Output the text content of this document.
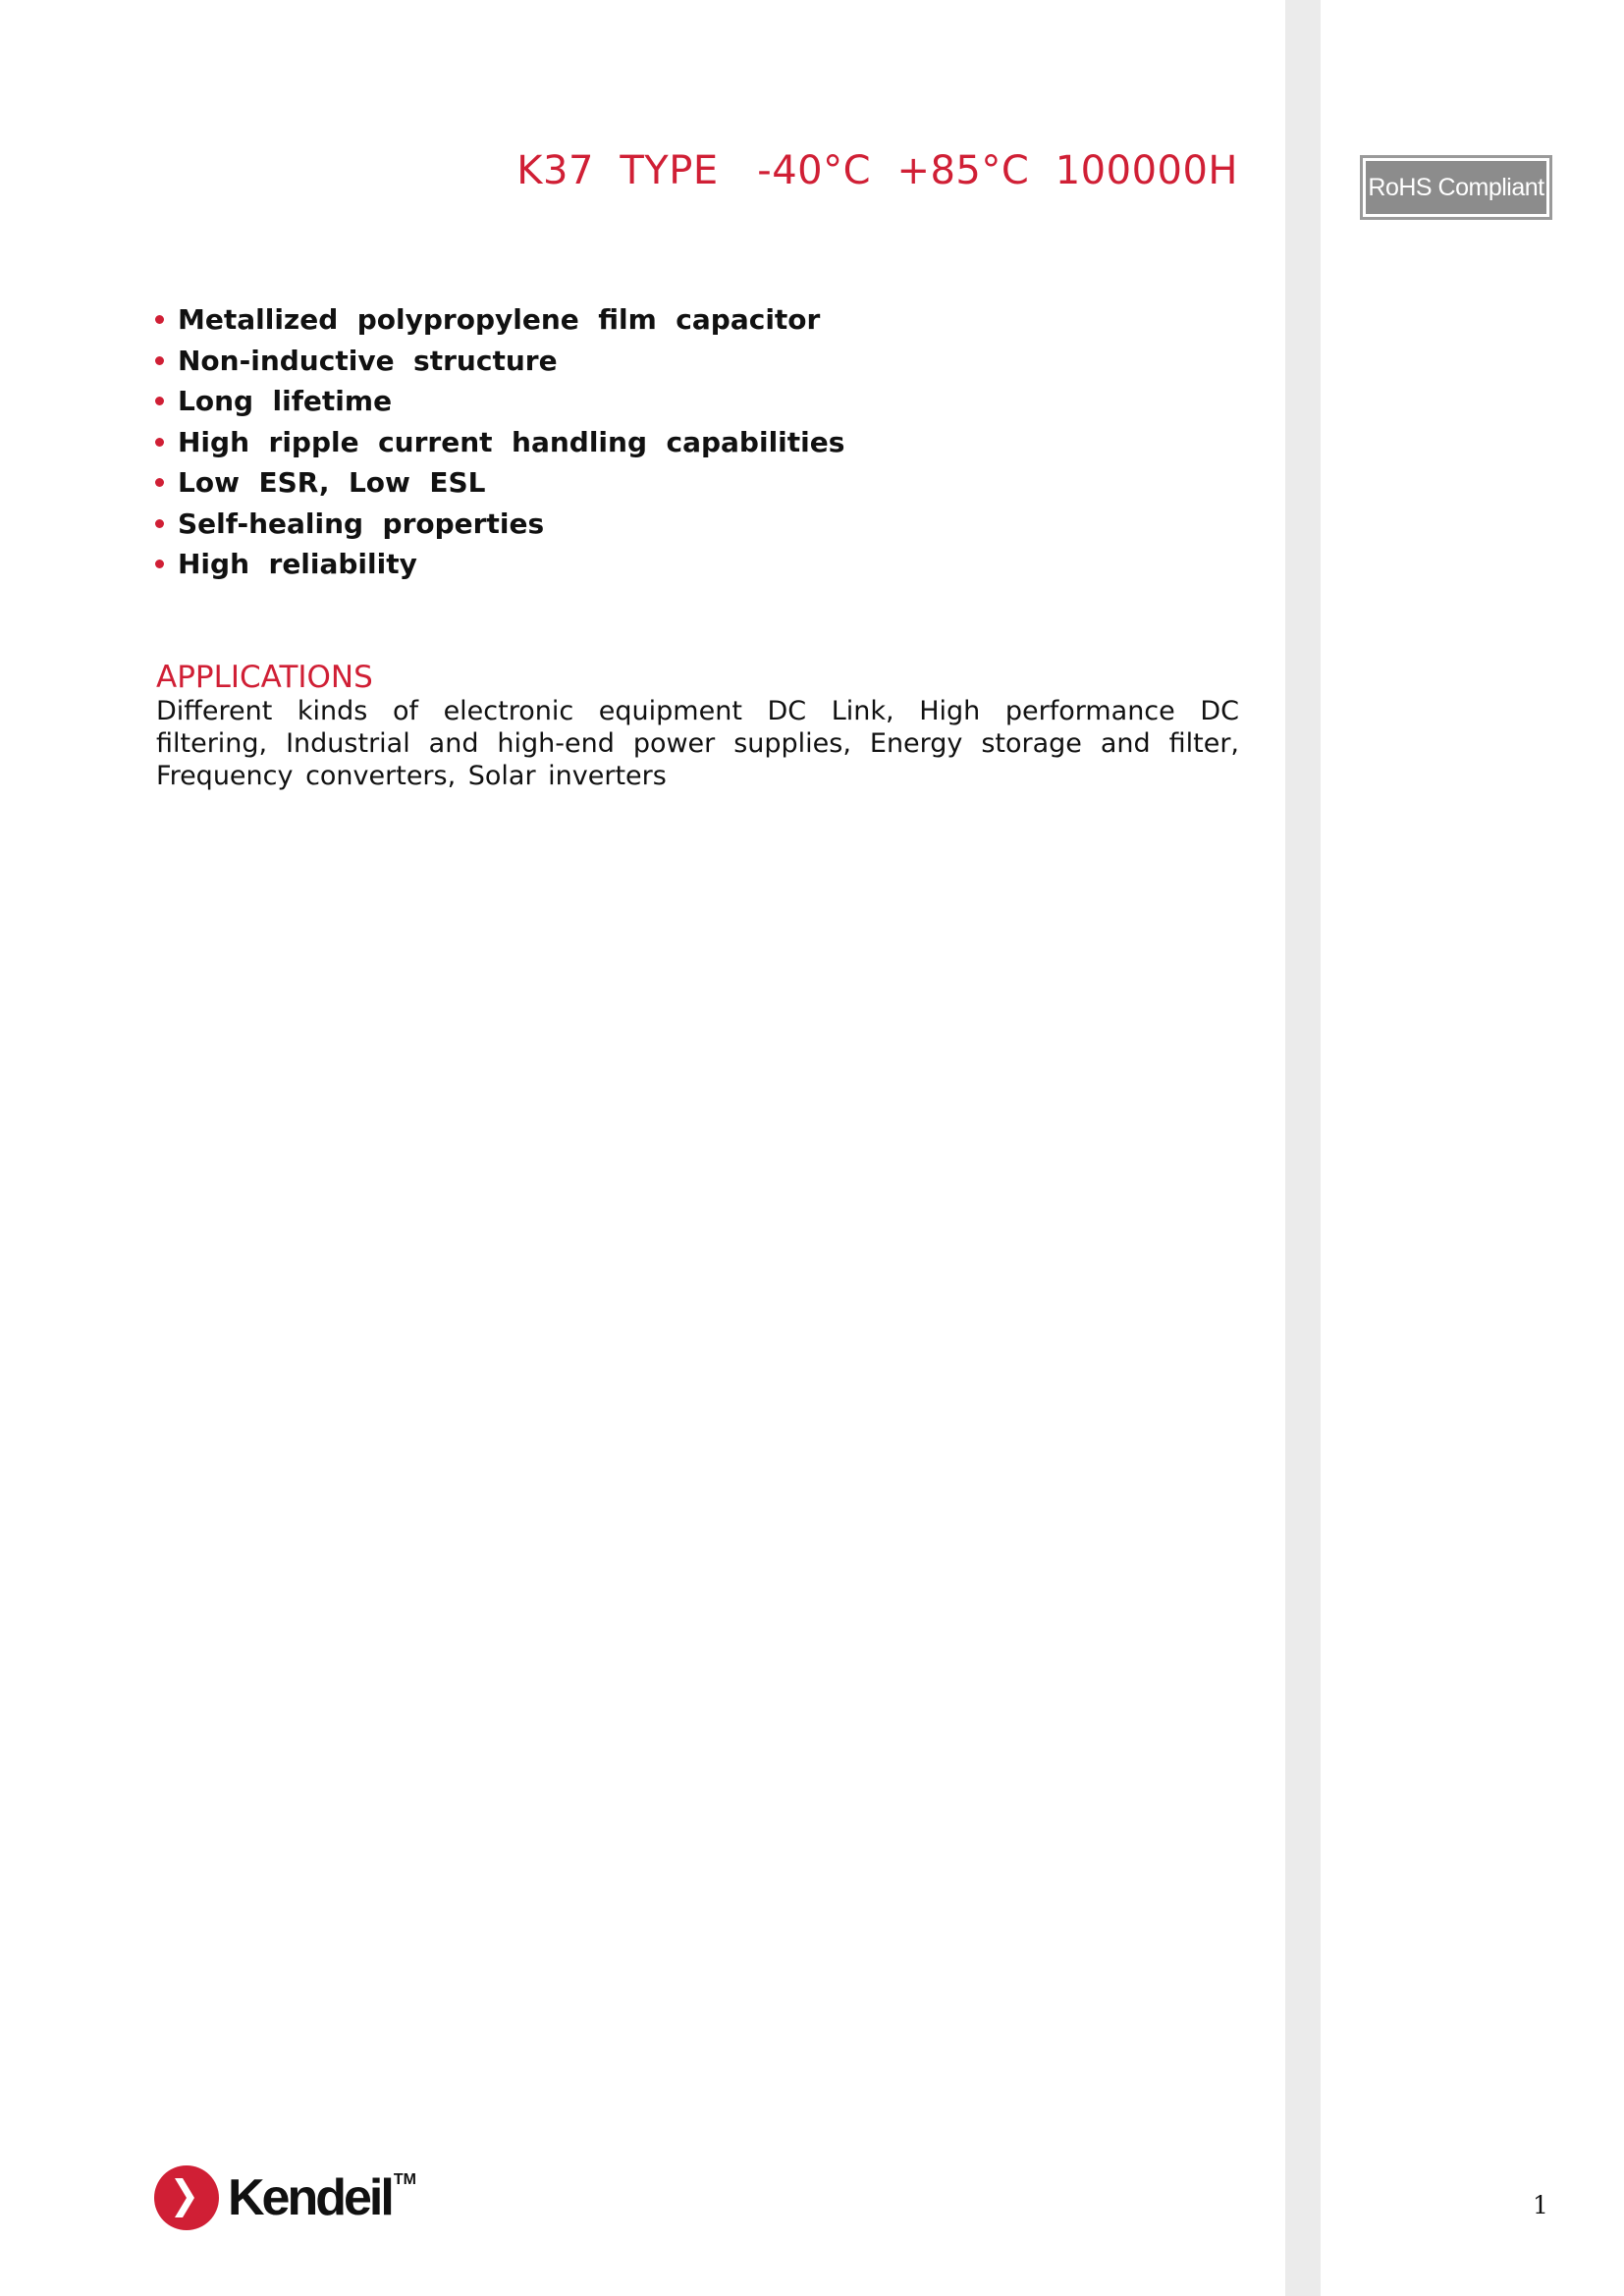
K37  TYPE   -40°C  +85°C  100000H	RoHS Compliant
Metallized  polypropylene  film  capacitor
Non-inductive  structure
Long  lifetime
High  ripple  current  handling  capabilities
Low  ESR,  Low  ESL
Self-healing  properties
High  reliability
APPLICATIONS
Different kinds of electronic equipment DC Link, High performance DC filtering, Industrial and high-end power supplies, Energy storage and filter, Frequency converters, Solar inverters
Kendeil TM
1
